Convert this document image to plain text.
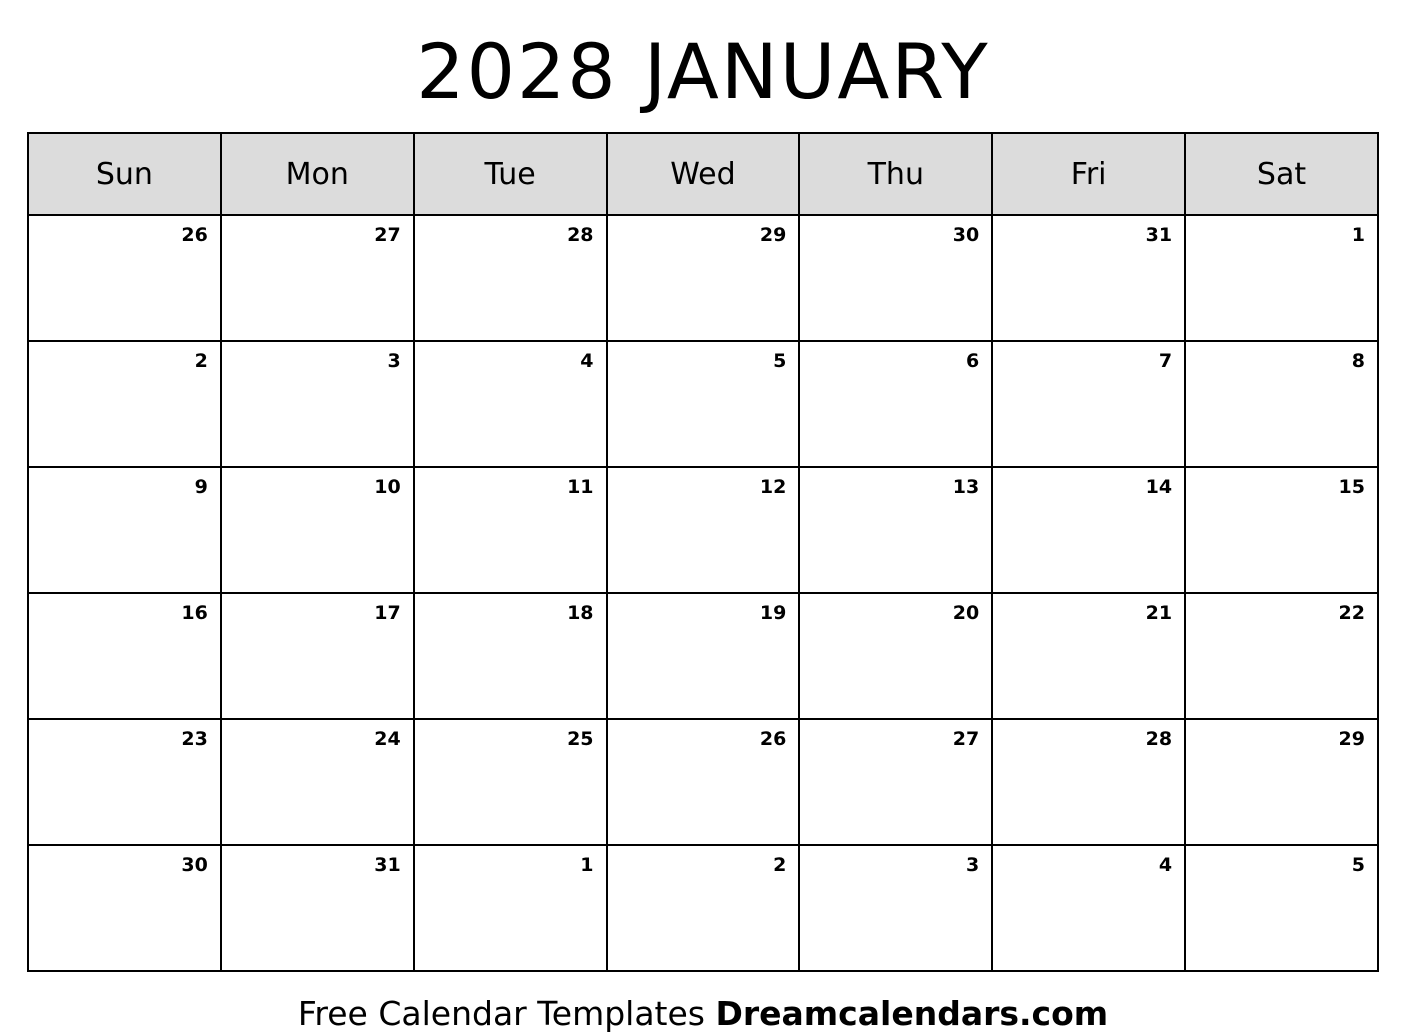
2028 JANUARY
Sun	Mon	Tue	Wed	Thu	Fri	Sat

26	27	28	29	30	31	1

2	3	4	5	6	7	8

9	10	11	12	13	14	15

16	17	18	19	20	21	22

23	24	25	26	27	28	29

30	31	1	2	3	4	5
Free Calendar Templates Dreamcalendars.com
